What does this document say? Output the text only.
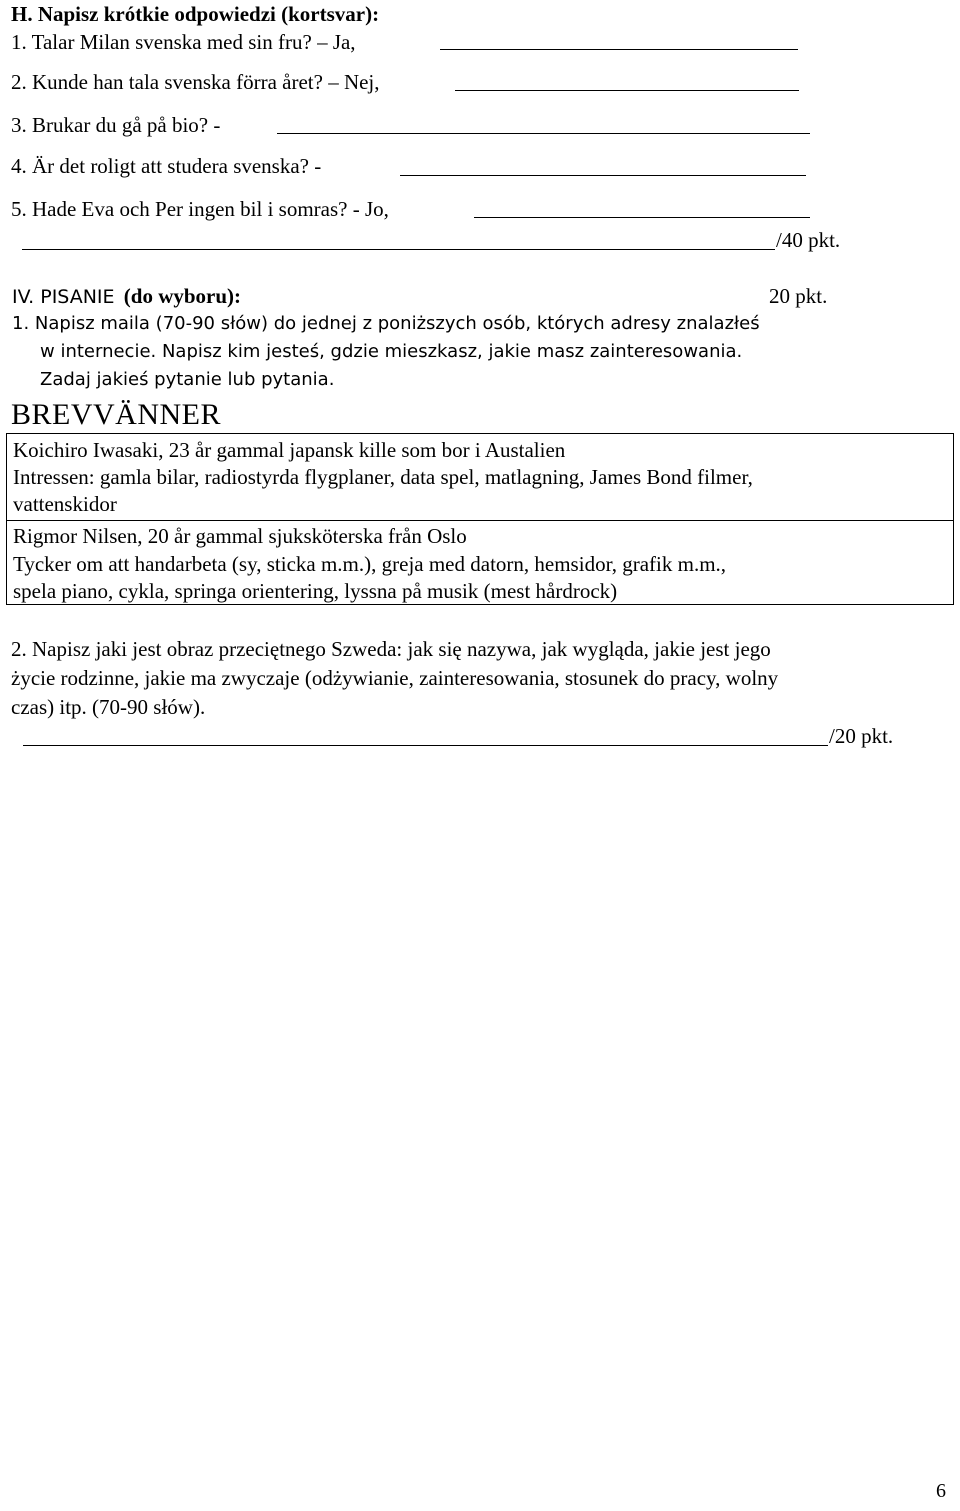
H. Napisz krótkie odpowiedzi (kortsvar):
1. Talar Milan svenska med sin fru? – Ja,
2. Kunde han tala svenska förra året? – Nej,
3. Brukar du gå på bio? -
4. Är det roligt att studera svenska? -
5. Hade Eva och Per ingen bil i somras? - Jo,
/40 pkt.
IV. PISANIE (do wyboru):	20 pkt.
1. Napisz maila (70-90 słów) do jednej z poniższych osób, których adresy znalazłeś
w internecie. Napisz kim jesteś, gdzie mieszkasz, jakie masz zainteresowania.
Zadaj jakieś pytanie lub pytania.
BREVVÄNNER
Koichiro Iwasaki, 23 år gammal japansk kille som bor i Austalien
Intressen: gamla bilar, radiostyrda flygplaner, data spel, matlagning, James Bond filmer,
vattenskidor
Rigmor Nilsen, 20 år gammal sjuksköterska från Oslo
Tycker om att handarbeta (sy, sticka m.m.), greja med datorn, hemsidor, grafik m.m.,
spela piano, cykla, springa orientering, lyssna på musik (mest hårdrock)
2. Napisz jaki jest obraz przeciętnego Szweda: jak się nazywa, jak wygląda, jakie jest jego
życie rodzinne, jakie ma zwyczaje (odżywianie, zainteresowania, stosunek do pracy, wolny
czas) itp. (70-90 słów).
/20 pkt.
6
